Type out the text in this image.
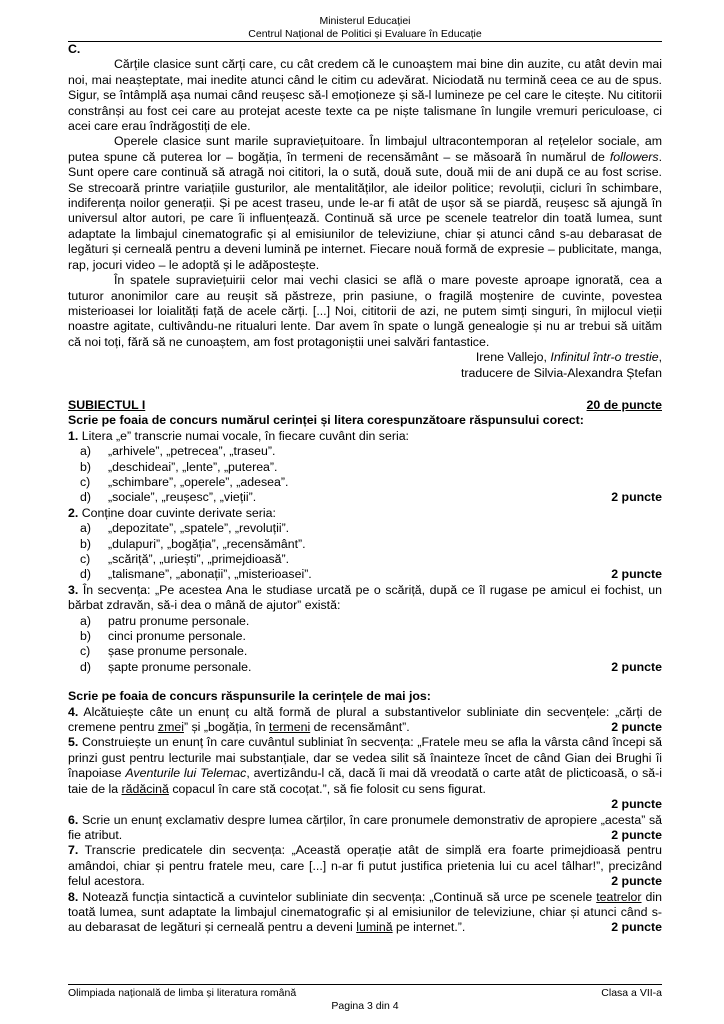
Ministerul Educației
Centrul Național de Politici și Evaluare în Educație

C.

Cărțile clasice sunt cărți care, cu cât credem că le cunoaștem mai bine din auzite, cu atât devin mai noi, mai neașteptate, mai inedite atunci când le citim cu adevărat. Niciodată nu termină ceea ce au de spus. Sigur, se întâmplă așa numai când reușesc să-l emoționeze și să-l lumineze pe cel care le citește. Nu cititorii constrânși au fost cei care au protejat aceste texte ca pe niște talismane în lungile vremuri periculoase, ci acei care erau îndrăgostiți de ele.

Operele clasice sunt marile supraviețuitoare. În limbajul ultracontemporan al rețelelor sociale, am putea spune că puterea lor – bogăția, în termeni de recensământ – se măsoară în numărul de followers. Sunt opere care continuă să atragă noi cititori, la o sută, două sute, două mii de ani după ce au fost scrise. Se strecoară printre variațiile gusturilor, ale mentalităților, ale ideilor politice; revoluții, cicluri în schimbare, indiferența noilor generații. Și pe acest traseu, unde le-ar fi atât de ușor să se piardă, reușesc să ajungă în universul altor autori, pe care îi influențează. Continuă să urce pe scenele teatrelor din toată lumea, sunt adaptate la limbajul cinematografic și al emisiunilor de televiziune, chiar și atunci când s-au debarasat de legături și cerneală pentru a deveni lumină pe internet. Fiecare nouă formă de expresie – publicitate, manga, rap, jocuri video – le adoptă și le adăpostește.

În spatele supraviețuirii celor mai vechi clasici se află o mare poveste aproape ignorată, cea a tuturor anonimilor care au reușit să păstreze, prin pasiune, o fragilă moștenire de cuvinte, povestea misterioasei lor loialități față de acele cărți. [...] Noi, cititorii de azi, ne putem simți singuri, în mijlocul vieții noastre agitate, cultivându-ne ritualuri lente. Dar avem în spate o lungă genealogie și nu ar trebui să uităm că noi toți, fără să ne cunoaștem, am fost protagoniștii unei salvări fantastice.

Irene Vallejo, Infinitul într-o trestie,

traducere de Silvia-Alexandra Ștefan

SUBIECTUL I	20 de puncte

Scrie pe foaia de concurs numărul cerinței și litera corespunzătoare răspunsului corect:

1. Litera „e” transcrie numai vocale, în fiecare cuvânt din seria:

a)	„arhivele”, „petrecea”, „traseu”.
b)	„deschideai”, „lente”, „puterea”.
c)	„schimbare”, „operele”, „adesea”.
d)	„sociale”, „reușesc”, „vieții”.	2 puncte

2. Conține doar cuvinte derivate seria:

a)	„depozitate”, „spatele”, „revoluții”.
b)	„dulapuri”, „bogăția”, „recensământ”.
c)	„scăriță”, „uriești”, „primejdioasă”.
d)	„talismane”, „abonații”, „misterioasei”.	2 puncte

3. În secvența: „Pe acestea Ana le studiase urcată pe o scăriță, după ce îl rugase pe amicul ei fochist, un bărbat zdravăn, să-i dea o mână de ajutor” există:

a)	patru pronume personale.
b)	cinci pronume personale.
c)	șase pronume personale.
d)	șapte pronume personale.	2 puncte

Scrie pe foaia de concurs răspunsurile la cerințele de mai jos:

4. Alcătuiește câte un enunț cu altă formă de plural a substantivelor subliniate din secvențele: „cărți de cremene pentru zmei” și „bogăția, în termeni de recensământ”.	2 puncte

5. Construiește un enunț în care cuvântul subliniat în secvența: „Fratele meu se afla la vârsta când începi să prinzi gust pentru lecturile mai substanțiale, dar se vedea silit să înainteze încet de când Gian dei Brughi îi înapoiase Aventurile lui Telemac, avertizându-l că, dacă îi mai dă vreodată o carte atât de plicticoasă, o să-i taie de la rădăcină copacul în care stă cocoțat.”, să fie folosit cu sens figurat.

2 puncte

6. Scrie un enunț exclamativ despre lumea cărților, în care pronumele demonstrativ de apropiere „acesta” să fie atribut.	2 puncte

7. Transcrie predicatele din secvența: „Această operație atât de simplă era foarte primejdioasă pentru amândoi, chiar și pentru fratele meu, care [...] n-ar fi putut justifica prietenia lui cu acel tâlhar!”, precizând felul acestora.	2 puncte

8. Notează funcția sintactică a cuvintelor subliniate din secvența: „Continuă să urce pe scenele teatrelor din toată lumea, sunt adaptate la limbajul cinematografic și al emisiunilor de televiziune, chiar și atunci când s-au debarasat de legături și cerneală pentru a deveni lumină pe internet.”.	2 puncte

Olimpiada națională de limba și literatura română	Clasa a VII-a
Pagina 3 din 4
